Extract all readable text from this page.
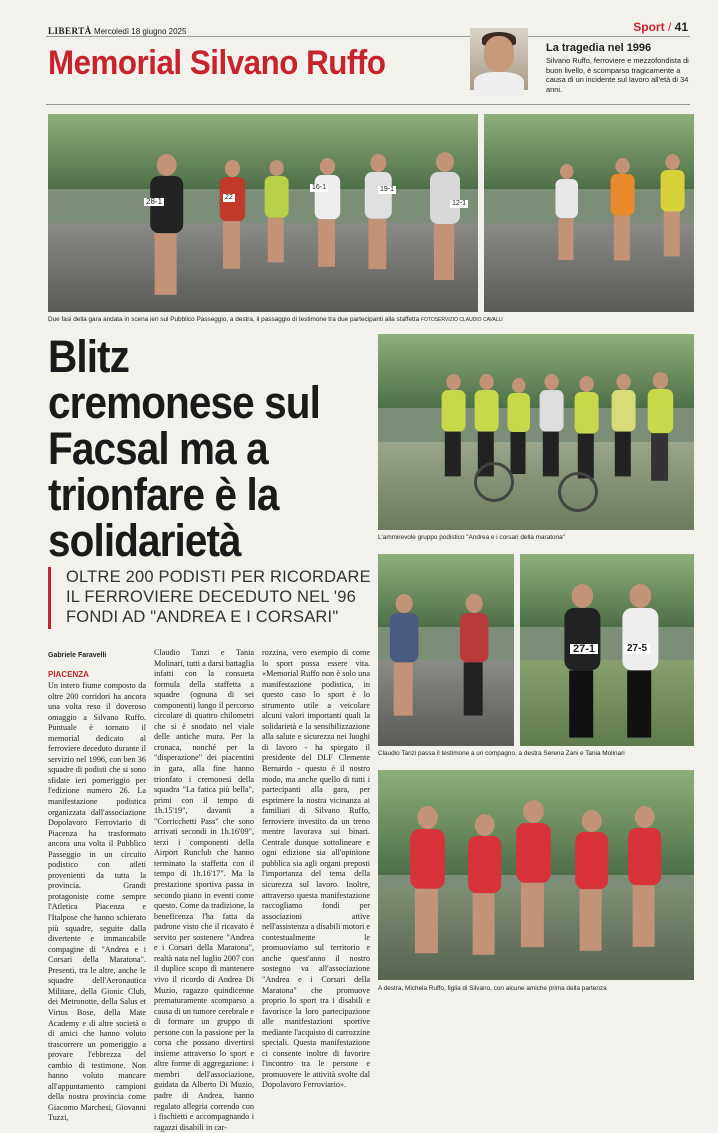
LIBERTÀ Mercoledì 18 giugno 2025	Sport / 41
Memorial Silvano Ruffo	La tragedia nel 1996
Silvano Ruffo, ferroviere e mezzofondista di buon livello, è scomparso tragicamente a causa di un incidente sul lavoro all'età di 34 anni.
28-1	22
16-1	19-1
12-1
Due fasi della gara andata in scena ieri sul Pubblico Passeggio, a destra, il passaggio di testimone tra due partecipanti alla staffetta FOTOSERVIZIO CLAUDIO CAVALLI
Blitz cremonese sul Facsal ma a trionfare è la solidarietà	L'ammirevole gruppo podistico "Andrea e i corsari della maratona"
OLTRE 200 PODISTI PER RICORDARE IL FERROVIERE DECEDUTO NEL '96 FONDI AD "ANDREA E I CORSARI"
27-1	27-5
Claudio Tanzi passa il testimone a un compagno, a destra Serena Zani e Tania Molinari
A destra, Michela Ruffo, figlia di Silvano, con alcune amiche prima della partenza
Gabriele Faravelli
PIACENZA
Un intero fiume composto da oltre 200 corridori ha ancora una volta reso il doveroso omaggio a Silvano Ruffo. Puntuale è tornato il memorial dedicato al ferroviere deceduto durante il servizio nel 1996, con ben 36 squadre di podisti che si sono sfidate ieri pomeriggio per l'edizione numero 26. La manifestazione podistica organizzata dall'associazione Dopolavoro Ferroviario di Piacenza ha trasformato ancora una volta il Pubblico Passeggio in un circuito podistico con atleti provenienti da tutta la provincia. Grandi protagoniste come sempre l'Atletica Piacenza e l'Italpose che hanno schierato più squadre, seguite dalla divertente e immancabile compagine di "Andrea e i Corsari della Maratona". Presenti, tra le altre, anche le squadre dell'Aeronautica Militare, della Gionic Club, dei Metronotte, della Salus et Virtus Bose, della Mate Academy e di altre società o di amici che hanno voluto trascorrere un pomeriggio a provare l'ebbrezza del cambio di testimone. Non hanno voluto mancare all'appuntamento campioni della nostra provincia come Giacomo Marchesi, Giovanni Tuzzi,
Claudio Tanzi e Tania Molinari, tutti a darsi battaglia infatti con la consueta formula della staffetta a squadre (ognuna di sei componenti) lungo il percorso circolare di quattro chilometri che si è snodato nel viale delle antiche mura. Per la cronaca, nonché per la "disperazione" dei piacentini in gara, alla fine hanno trionfato i cremonesi della squadra "La fatica più bella", primi con il tempo di 1h.15'19", davanti a "Corricchetti Pass" che sono arrivati secondi in 1h.16'09", terzi i componenti della Airport Runclub che hanno terminato la staffetta con il tempo di 1h.16'17". Ma la prestazione sportiva passa in secondo piano in eventi come questo. Come da tradizione, la beneficenza l'ha fatta da padrone visto che il ricavato è servito per sostenere "Andrea e i Corsari della Maratona", realtà nata nel luglio 2007 con il duplice scopo di mantenere vivo il ricordo di Andrea Di Muzio, ragazzo quindicenne prematuramente scomparso a causa di un tumore cerebrale e di formare un gruppo di persone con la passione per la corsa che possano divertirsi insieme attraverso lo sport e altre forme di aggregazione: i membri dell'associazione, guidata da Alberto Di Muzio, padre di Andrea, hanno regalato allegria correndo con i fischietti e accompagnando i ragazzi disabili in car-
rozzina, vero esempio di come lo sport possa essere vita. «Memorial Ruffo non è solo una manifestazione podistica, in questo caso lo sport è lo strumento utile a veicolare alcuni valori importanti quali la solidarietà e la sensibilizzazione alla salute e sicurezza nei luoghi di lavoro - ha spiegato il presidente del DLF Clemente Bernardo - questo è il nostro modo, ma anche quello di tutti i partecipanti alla gara, per esprimere la nostra vicinanza ai familiari di Silvano Ruffo, ferroviere investito da un treno mentre lavorava sui binari. Centrale dunque sottolineare e ogni edizione sia all'opinione pubblica sia agli organi preposti l'importanza del tema della sicurezza sul lavoro. Inoltre, attraverso questa manifestazione raccogliamo fondi per associazioni attive nell'assistenza a disabili motori e contestualmente le promuoviamo sul territorio e anche quest'anno il nostro sostegno va all'associazione "Andrea e i Corsari della Maratona" che promuove proprio lo sport tra i disabili e favorisce la loro partecipazione alle manifestazioni sportive mediante l'acquisto di carrozzine speciali. Questa manifestazione ci consente inoltre di favorire l'incontro tra le persone e promuovere le attività svolte dal Dopolavoro Ferroviario».
